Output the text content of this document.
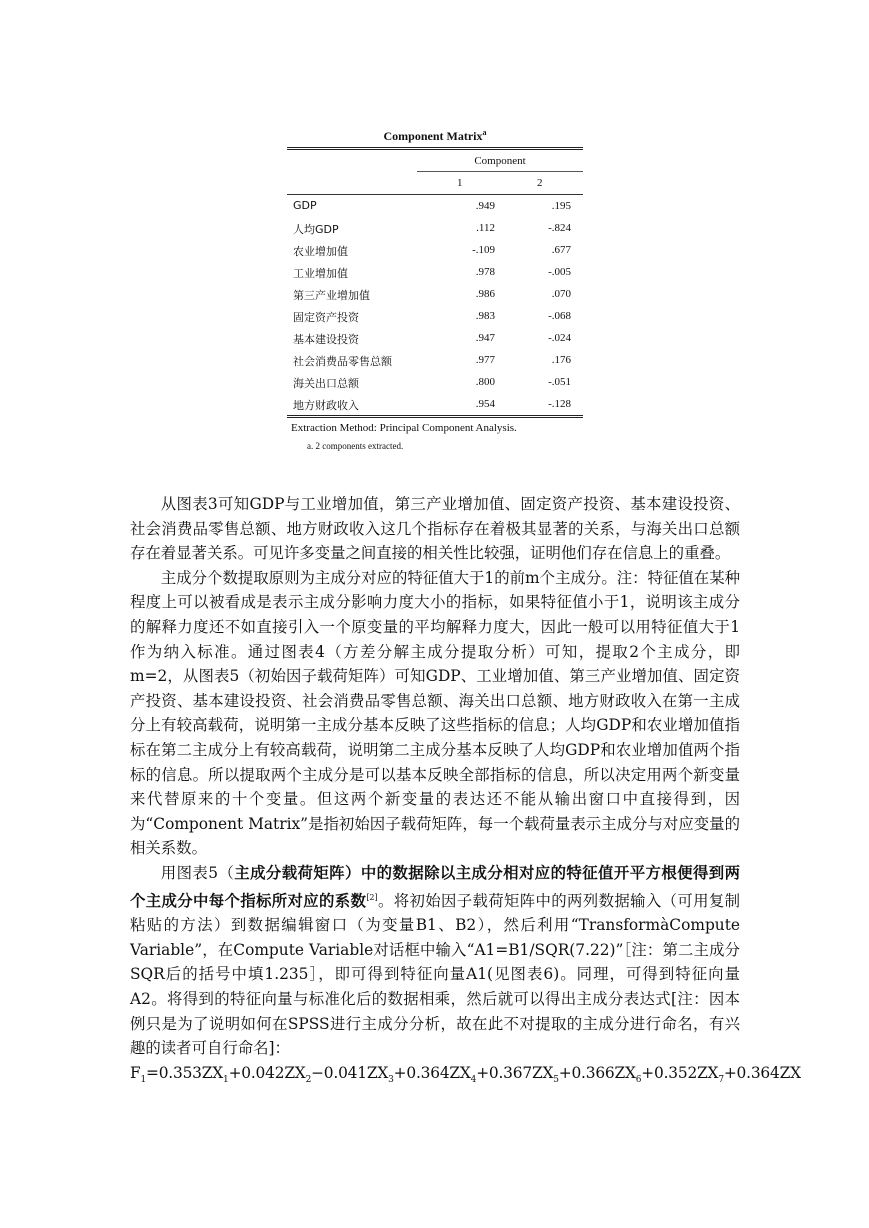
Component Matrix$^a$
Component
1	2
GDP	.949	.195
人均GDP	.112	-.824
农业增加值	-.109	.677
工业增加值	.978	-.005
第三产业增加值	.986	.070
固定资产投资	.983	-.068
基本建设投资	.947	-.024
社会消费品零售总额	.977	.176
海关出口总额	.800	-.051
地方财政收入	.954	-.128
Extraction Method: Principal Component Analysis.
a. 2 components extracted.

从图表3可知GDP与工业增加值，第三产业增加值、固定资产投资、基本建设投资、社会消费品零售总额、地方财政收入这几个指标存在着极其显著的关系，与海关出口总额存在着显著关系。可见许多变量之间直接的相关性比较强，证明他们存在信息上的重叠。

主成分个数提取原则为主成分对应的特征值大于1的前m个主成分。注：特征值在某种程度上可以被看成是表示主成分影响力度大小的指标，如果特征值小于1，说明该主成分的解释力度还不如直接引入一个原变量的平均解释力度大，因此一般可以用特征值大于1作为纳入标准。通过图表4（方差分解主成分提取分析）可知，提取2个主成分，即m=2，从图表5（初始因子载荷矩阵）可知GDP、工业增加值、第三产业增加值、固定资产投资、基本建设投资、社会消费品零售总额、海关出口总额、地方财政收入在第一主成分上有较高载荷，说明第一主成分基本反映了这些指标的信息；人均GDP和农业增加值指标在第二主成分上有较高载荷，说明第二主成分基本反映了人均GDP和农业增加值两个指标的信息。所以提取两个主成分是可以基本反映全部指标的信息，所以决定用两个新变量来代替原来的十个变量。但这两个新变量的表达还不能从输出窗口中直接得到，因为“Component Matrix”是指初始因子载荷矩阵，每一个载荷量表示主成分与对应变量的相关系数。

用图表5（主成分载荷矩阵）中的数据除以主成分相对应的特征值开平方根便得到两个主成分中每个指标所对应的系数[2]。将初始因子载荷矩阵中的两列数据输入（可用复制粘贴的方法）到数据编辑窗口（为变量B1、B2），然后利用“TransformàCompute Variable”，在Compute Variable对话框中输入“A1=B1/SQR(7.22)”［注：第二主成分SQR后的括号中填1.235］，即可得到特征向量A1(见图表6)。同理，可得到特征向量A2。将得到的特征向量与标准化后的数据相乘，然后就可以得出主成分表达式[注：因本例只是为了说明如何在SPSS进行主成分分析，故在此不对提取的主成分进行命名，有兴趣的读者可自行命名]：

$F_1=0.353ZX_1+0.042ZX_2-0.041ZX_3+0.364ZX_4+0.367ZX_5+0.366ZX_6+0.352ZX_7+0.364ZX$
